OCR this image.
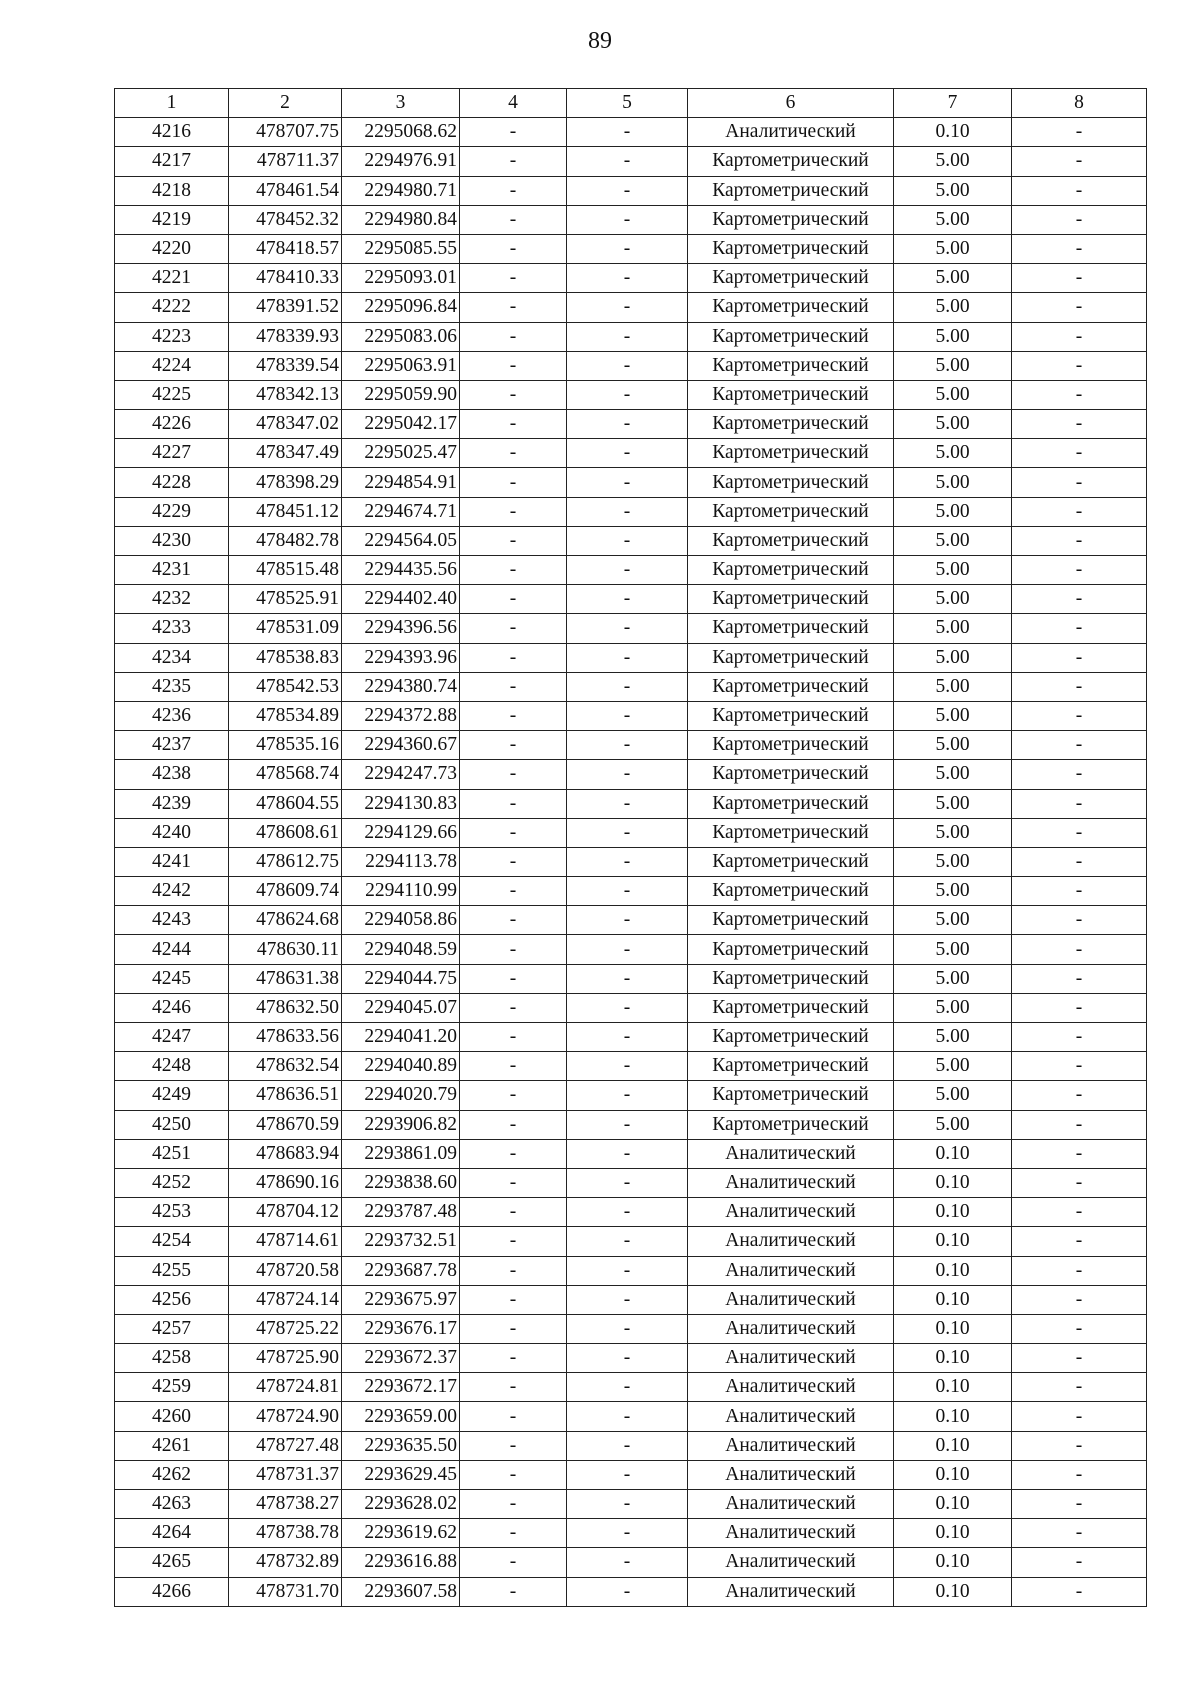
89
1	2	3	4	5	6	7	8
4216	478707.75	2295068.62	-	-	Аналитический	0.10	-
4217	478711.37	2294976.91	-	-	Картометрический	5.00	-
4218	478461.54	2294980.71	-	-	Картометрический	5.00	-
4219	478452.32	2294980.84	-	-	Картометрический	5.00	-
4220	478418.57	2295085.55	-	-	Картометрический	5.00	-
4221	478410.33	2295093.01	-	-	Картометрический	5.00	-
4222	478391.52	2295096.84	-	-	Картометрический	5.00	-
4223	478339.93	2295083.06	-	-	Картометрический	5.00	-
4224	478339.54	2295063.91	-	-	Картометрический	5.00	-
4225	478342.13	2295059.90	-	-	Картометрический	5.00	-
4226	478347.02	2295042.17	-	-	Картометрический	5.00	-
4227	478347.49	2295025.47	-	-	Картометрический	5.00	-
4228	478398.29	2294854.91	-	-	Картометрический	5.00	-
4229	478451.12	2294674.71	-	-	Картометрический	5.00	-
4230	478482.78	2294564.05	-	-	Картометрический	5.00	-
4231	478515.48	2294435.56	-	-	Картометрический	5.00	-
4232	478525.91	2294402.40	-	-	Картометрический	5.00	-
4233	478531.09	2294396.56	-	-	Картометрический	5.00	-
4234	478538.83	2294393.96	-	-	Картометрический	5.00	-
4235	478542.53	2294380.74	-	-	Картометрический	5.00	-
4236	478534.89	2294372.88	-	-	Картометрический	5.00	-
4237	478535.16	2294360.67	-	-	Картометрический	5.00	-
4238	478568.74	2294247.73	-	-	Картометрический	5.00	-
4239	478604.55	2294130.83	-	-	Картометрический	5.00	-
4240	478608.61	2294129.66	-	-	Картометрический	5.00	-
4241	478612.75	2294113.78	-	-	Картометрический	5.00	-
4242	478609.74	2294110.99	-	-	Картометрический	5.00	-
4243	478624.68	2294058.86	-	-	Картометрический	5.00	-
4244	478630.11	2294048.59	-	-	Картометрический	5.00	-
4245	478631.38	2294044.75	-	-	Картометрический	5.00	-
4246	478632.50	2294045.07	-	-	Картометрический	5.00	-
4247	478633.56	2294041.20	-	-	Картометрический	5.00	-
4248	478632.54	2294040.89	-	-	Картометрический	5.00	-
4249	478636.51	2294020.79	-	-	Картометрический	5.00	-
4250	478670.59	2293906.82	-	-	Картометрический	5.00	-
4251	478683.94	2293861.09	-	-	Аналитический	0.10	-
4252	478690.16	2293838.60	-	-	Аналитический	0.10	-
4253	478704.12	2293787.48	-	-	Аналитический	0.10	-
4254	478714.61	2293732.51	-	-	Аналитический	0.10	-
4255	478720.58	2293687.78	-	-	Аналитический	0.10	-
4256	478724.14	2293675.97	-	-	Аналитический	0.10	-
4257	478725.22	2293676.17	-	-	Аналитический	0.10	-
4258	478725.90	2293672.37	-	-	Аналитический	0.10	-
4259	478724.81	2293672.17	-	-	Аналитический	0.10	-
4260	478724.90	2293659.00	-	-	Аналитический	0.10	-
4261	478727.48	2293635.50	-	-	Аналитический	0.10	-
4262	478731.37	2293629.45	-	-	Аналитический	0.10	-
4263	478738.27	2293628.02	-	-	Аналитический	0.10	-
4264	478738.78	2293619.62	-	-	Аналитический	0.10	-
4265	478732.89	2293616.88	-	-	Аналитический	0.10	-
4266	478731.70	2293607.58	-	-	Аналитический	0.10	-
